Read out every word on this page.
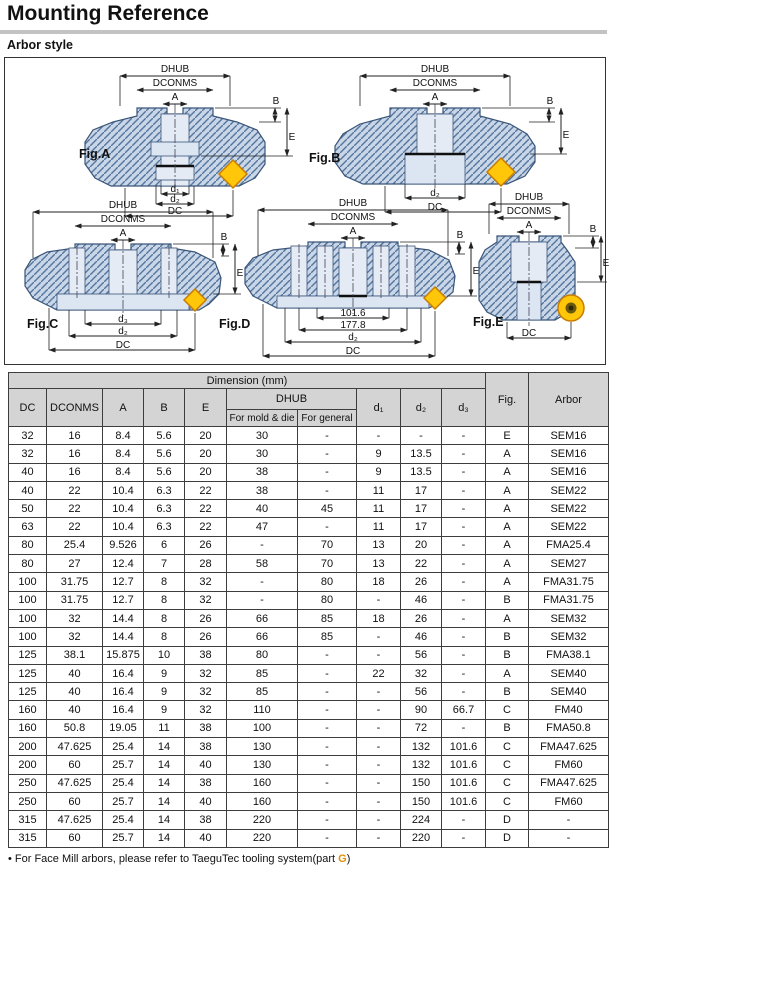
Mounting Reference
Arbor style
DHUB
DCONMS
A	B
E
d₁
d₂
DC
Fig.A
DHUB
DCONMS
A	B
E
d₂
DC
Fig.B
DHUB
DCONMS
A	B
E
d₃
d₂
DC
Fig.C
DHUB
DCONMS
A	B
E
101.6
177.8
d₂
DC
Fig.D
DHUB
DCONMS
A	B
E
DC
Fig.E
Dimension (mm)										Fig.	Arbor
DC	DCONMS	A	B	E	DHUB		d₁	d₂	d₃		
					For mold & die	For general					
32	16	8.4	5.6	20	30	-	-	-	-	E	SEM16
32	16	8.4	5.6	20	30	-	9	13.5	-	A	SEM16
40	16	8.4	5.6	20	38	-	9	13.5	-	A	SEM16
40	22	10.4	6.3	22	38	-	11	17	-	A	SEM22
50	22	10.4	6.3	22	40	45	11	17	-	A	SEM22
63	22	10.4	6.3	22	47	-	11	17	-	A	SEM22
80	25.4	9.526	6	26	-	70	13	20	-	A	FMA25.4
80	27	12.4	7	28	58	70	13	22	-	A	SEM27
100	31.75	12.7	8	32	-	80	18	26	-	A	FMA31.75
100	31.75	12.7	8	32	-	80	-	46	-	B	FMA31.75
100	32	14.4	8	26	66	85	18	26	-	A	SEM32
100	32	14.4	8	26	66	85	-	46	-	B	SEM32
125	38.1	15.875	10	38	80	-	-	56	-	B	FMA38.1
125	40	16.4	9	32	85	-	22	32	-	A	SEM40
125	40	16.4	9	32	85	-	-	56	-	B	SEM40
160	40	16.4	9	32	110	-	-	90	66.7	C	FM40
160	50.8	19.05	11	38	100	-	-	72	-	B	FMA50.8
200	47.625	25.4	14	38	130	-	-	132	101.6	C	FMA47.625
200	60	25.7	14	40	130	-	-	132	101.6	C	FM60
250	47.625	25.4	14	38	160	-	-	150	101.6	C	FMA47.625
250	60	25.7	14	40	160	-	-	150	101.6	C	FM60
315	47.625	25.4	14	38	220	-	-	224	-	D	-
315	60	25.7	14	40	220	-	-	220	-	D	-
• For Face Mill arbors, please refer to TaeguTec tooling system(part G)
